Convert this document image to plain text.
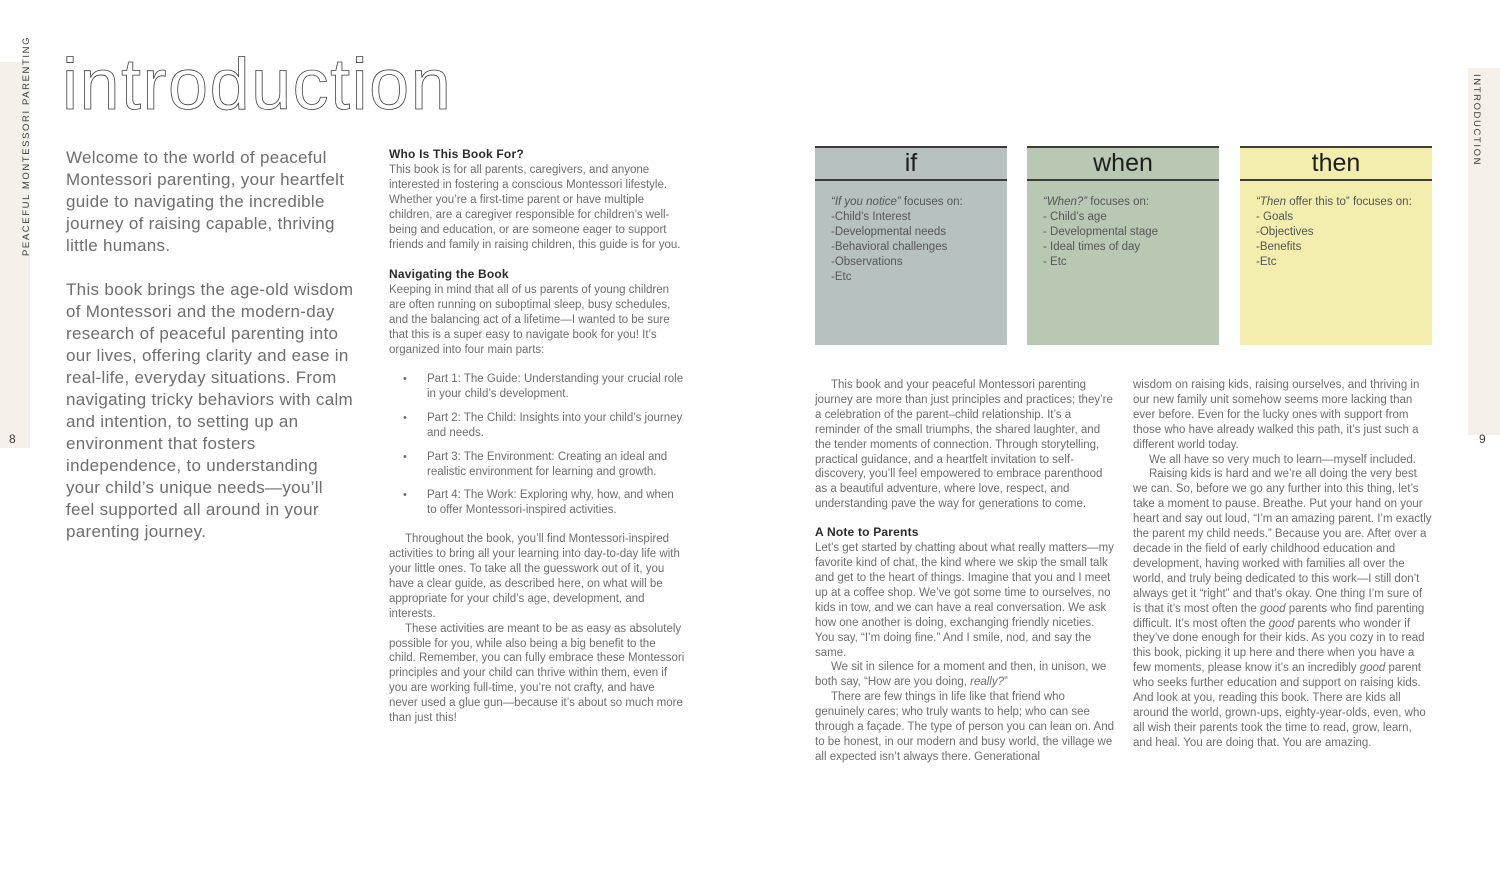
PEACEFUL MONTESSORI PARENTING	INTRODUCTION
8	9
introduction

Welcome to the world of peaceful Montessori parenting, your heartfelt guide to navigating the incredible journey of raising capable, thriving little humans.

This book brings the age-old wisdom of Montessori and the modern-day research of peaceful parenting into our lives, offering clarity and ease in real-life, everyday situations. From navigating tricky behaviors with calm and intention, to setting up an environment that fosters independence, to understanding your child’s unique needs—you’ll feel supported all around in your parenting journey.

Who Is This Book For?

This book is for all parents, caregivers, and anyone interested in fostering a conscious Montessori lifestyle. Whether you’re a first-time parent or have multiple children, are a caregiver responsible for children’s well-being and education, or are someone eager to support friends and family in raising children, this guide is for you.

Navigating the Book

Keeping in mind that all of us parents of young children are often running on suboptimal sleep, busy schedules, and the balancing act of a lifetime—I wanted to be sure that this is a super easy to navigate book for you! It’s organized into four main parts:

•	Part 1: The Guide: Understanding your crucial role in your child’s development.
•	Part 2: The Child: Insights into your child’s journey and needs.
•	Part 3: The Environment: Creating an ideal and realistic environment for learning and growth.
•	Part 4: The Work: Exploring why, how, and when to offer Montessori-inspired activities.

Throughout the book, you’ll find Montessori-inspired activities to bring all your learning into day-to-day life with your little ones. To take all the guesswork out of it, you have a clear guide, as described here, on what will be appropriate for your child’s age, development, and interests.

These activities are meant to be as easy as absolutely possible for you, while also being a big benefit to the child. Remember, you can fully embrace these Montessori principles and your child can thrive within them, even if you are working full-time, you’re not crafty, and have never used a glue gun—because it’s about so much more than just this!

if
“If you notice” focuses on:
-Child’s Interest
-Developmental needs
-Behavioral challenges
-Observations
-Etc
when
“When?” focuses on:
- Child’s age
- Developmental stage
- Ideal times of day
- Etc
then
“Then offer this to” focuses on:
- Goals
-Objectives
-Benefits
-Etc

This book and your peaceful Montessori parenting journey are more than just principles and practices; they’re a celebration of the parent–child relationship. It’s a reminder of the small triumphs, the shared laughter, and the tender moments of connection. Through storytelling, practical guidance, and a heartfelt invitation to self-discovery, you’ll feel empowered to embrace parenthood as a beautiful adventure, where love, respect, and understanding pave the way for generations to come.

A Note to Parents

Let’s get started by chatting about what really matters—my favorite kind of chat, the kind where we skip the small talk and get to the heart of things. Imagine that you and I meet up at a coffee shop. We’ve got some time to ourselves, no kids in tow, and we can have a real conversation. We ask how one another is doing, exchanging friendly niceties. You say, “I’m doing fine.” And I smile, nod, and say the same.

We sit in silence for a moment and then, in unison, we both say, “How are you doing, really?”

There are few things in life like that friend who genuinely cares; who truly wants to help; who can see through a façade. The type of person you can lean on. And to be honest, in our modern and busy world, the village we all expected isn’t always there. Generational

wisdom on raising kids, raising ourselves, and thriving in our new family unit somehow seems more lacking than ever before. Even for the lucky ones with support from those who have already walked this path, it’s just such a different world today.

We all have so very much to learn—myself included.

Raising kids is hard and we’re all doing the very best we can. So, before we go any further into this thing, let’s take a moment to pause. Breathe. Put your hand on your heart and say out loud, “I’m an amazing parent. I’m exactly the parent my child needs.” Because you are. After over a decade in the field of early childhood education and development, having worked with families all over the world, and truly being dedicated to this work—I still don’t always get it “right” and that’s okay. One thing I’m sure of is that it’s most often the good parents who find parenting difficult. It’s most often the good parents who wonder if they’ve done enough for their kids. As you cozy in to read this book, picking it up here and there when you have a few moments, please know it’s an incredibly good parent who seeks further education and support on raising kids. And look at you, reading this book. There are kids all around the world, grown-ups, eighty-year-olds, even, who all wish their parents took the time to read, grow, learn, and heal. You are doing that. You are amazing.
